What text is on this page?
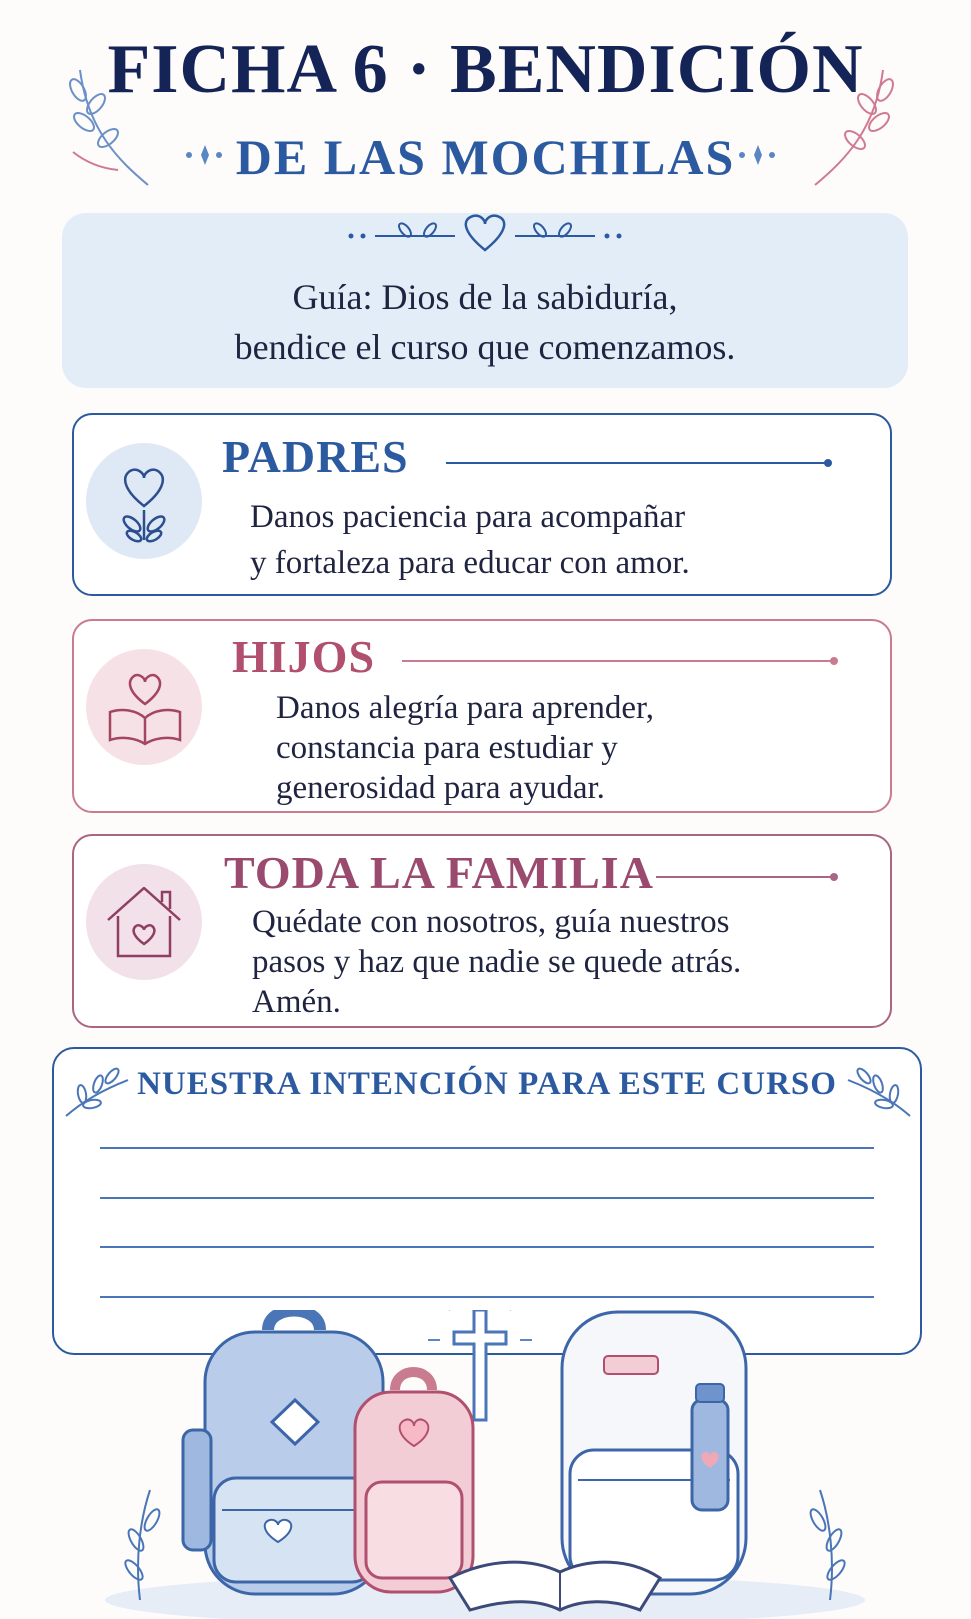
FICHA 6 · BENDICIÓN
DE LAS MOCHILAS
Guía: Dios de la sabiduría,
bendice el curso que comenzamos.
PADRES
Danos paciencia para acompañar
y fortaleza para educar con amor.
HIJOS
Danos alegría para aprender,
constancia para estudiar y
generosidad para ayudar.
TODA LA FAMILIA
Quédate con nosotros, guía nuestros
pasos y haz que nadie se quede atrás.
Amén.
NUESTRA INTENCIÓN PARA ESTE CURSO
